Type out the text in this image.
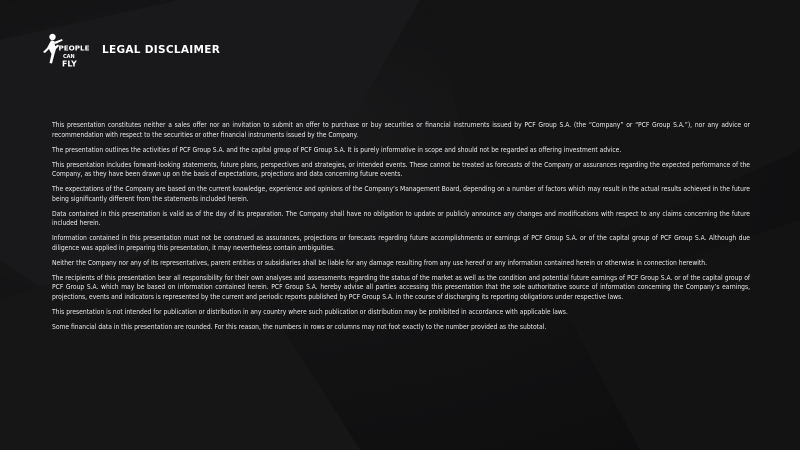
PEOPLE
CAN
FLY
LEGAL DISCLAIMER

This presentation constitutes neither a sales offer nor an invitation to submit an offer to purchase or buy securities or financial instruments issued by PCF Group S.A. (the “Company” or “PCF Group S.A.”), nor any advice or recommendation with respect to the securities or other financial instruments issued by the Company.

The presentation outlines the activities of PCF Group S.A. and the capital group of PCF Group S.A. It is purely informative in scope and should not be regarded as offering investment advice.

This presentation includes forward-looking statements, future plans, perspectives and strategies, or intended events. These cannot be treated as forecasts of the Company or assurances regarding the expected performance of the Company, as they have been drawn up on the basis of expectations, projections and data concerning future events.

The expectations of the Company are based on the current knowledge, experience and opinions of the Company’s Management Board, depending on a number of factors which may result in the actual results achieved in the future being significantly different from the statements included herein.

Data contained in this presentation is valid as of the day of its preparation. The Company shall have no obligation to update or publicly announce any changes and modifications with respect to any claims concerning the future included herein.

Information contained in this presentation must not be construed as assurances, projections or forecasts regarding future accomplishments or earnings of PCF Group S.A. or of the capital group of PCF Group S.A. Although due diligence was applied in preparing this presentation, it may nevertheless contain ambiguities.

Neither the Company nor any of its representatives, parent entities or subsidiaries shall be liable for any damage resulting from any use hereof or any information contained herein or otherwise in connection herewith.

The recipients of this presentation bear all responsibility for their own analyses and assessments regarding the status of the market as well as the condition and potential future earnings of PCF Group S.A. or of the capital group of PCF Group S.A. which may be based on information contained herein. PCF Group S.A. hereby advise all parties accessing this presentation that the sole authoritative source of information concerning the Company’s earnings, projections, events and indicators is represented by the current and periodic reports published by PCF Group S.A. in the course of discharging its reporting obligations under respective laws.

This presentation is not intended for publication or distribution in any country where such publication or distribution may be prohibited in accordance with applicable laws.

Some financial data in this presentation are rounded. For this reason, the numbers in rows or columns may not foot exactly to the number provided as the subtotal.
